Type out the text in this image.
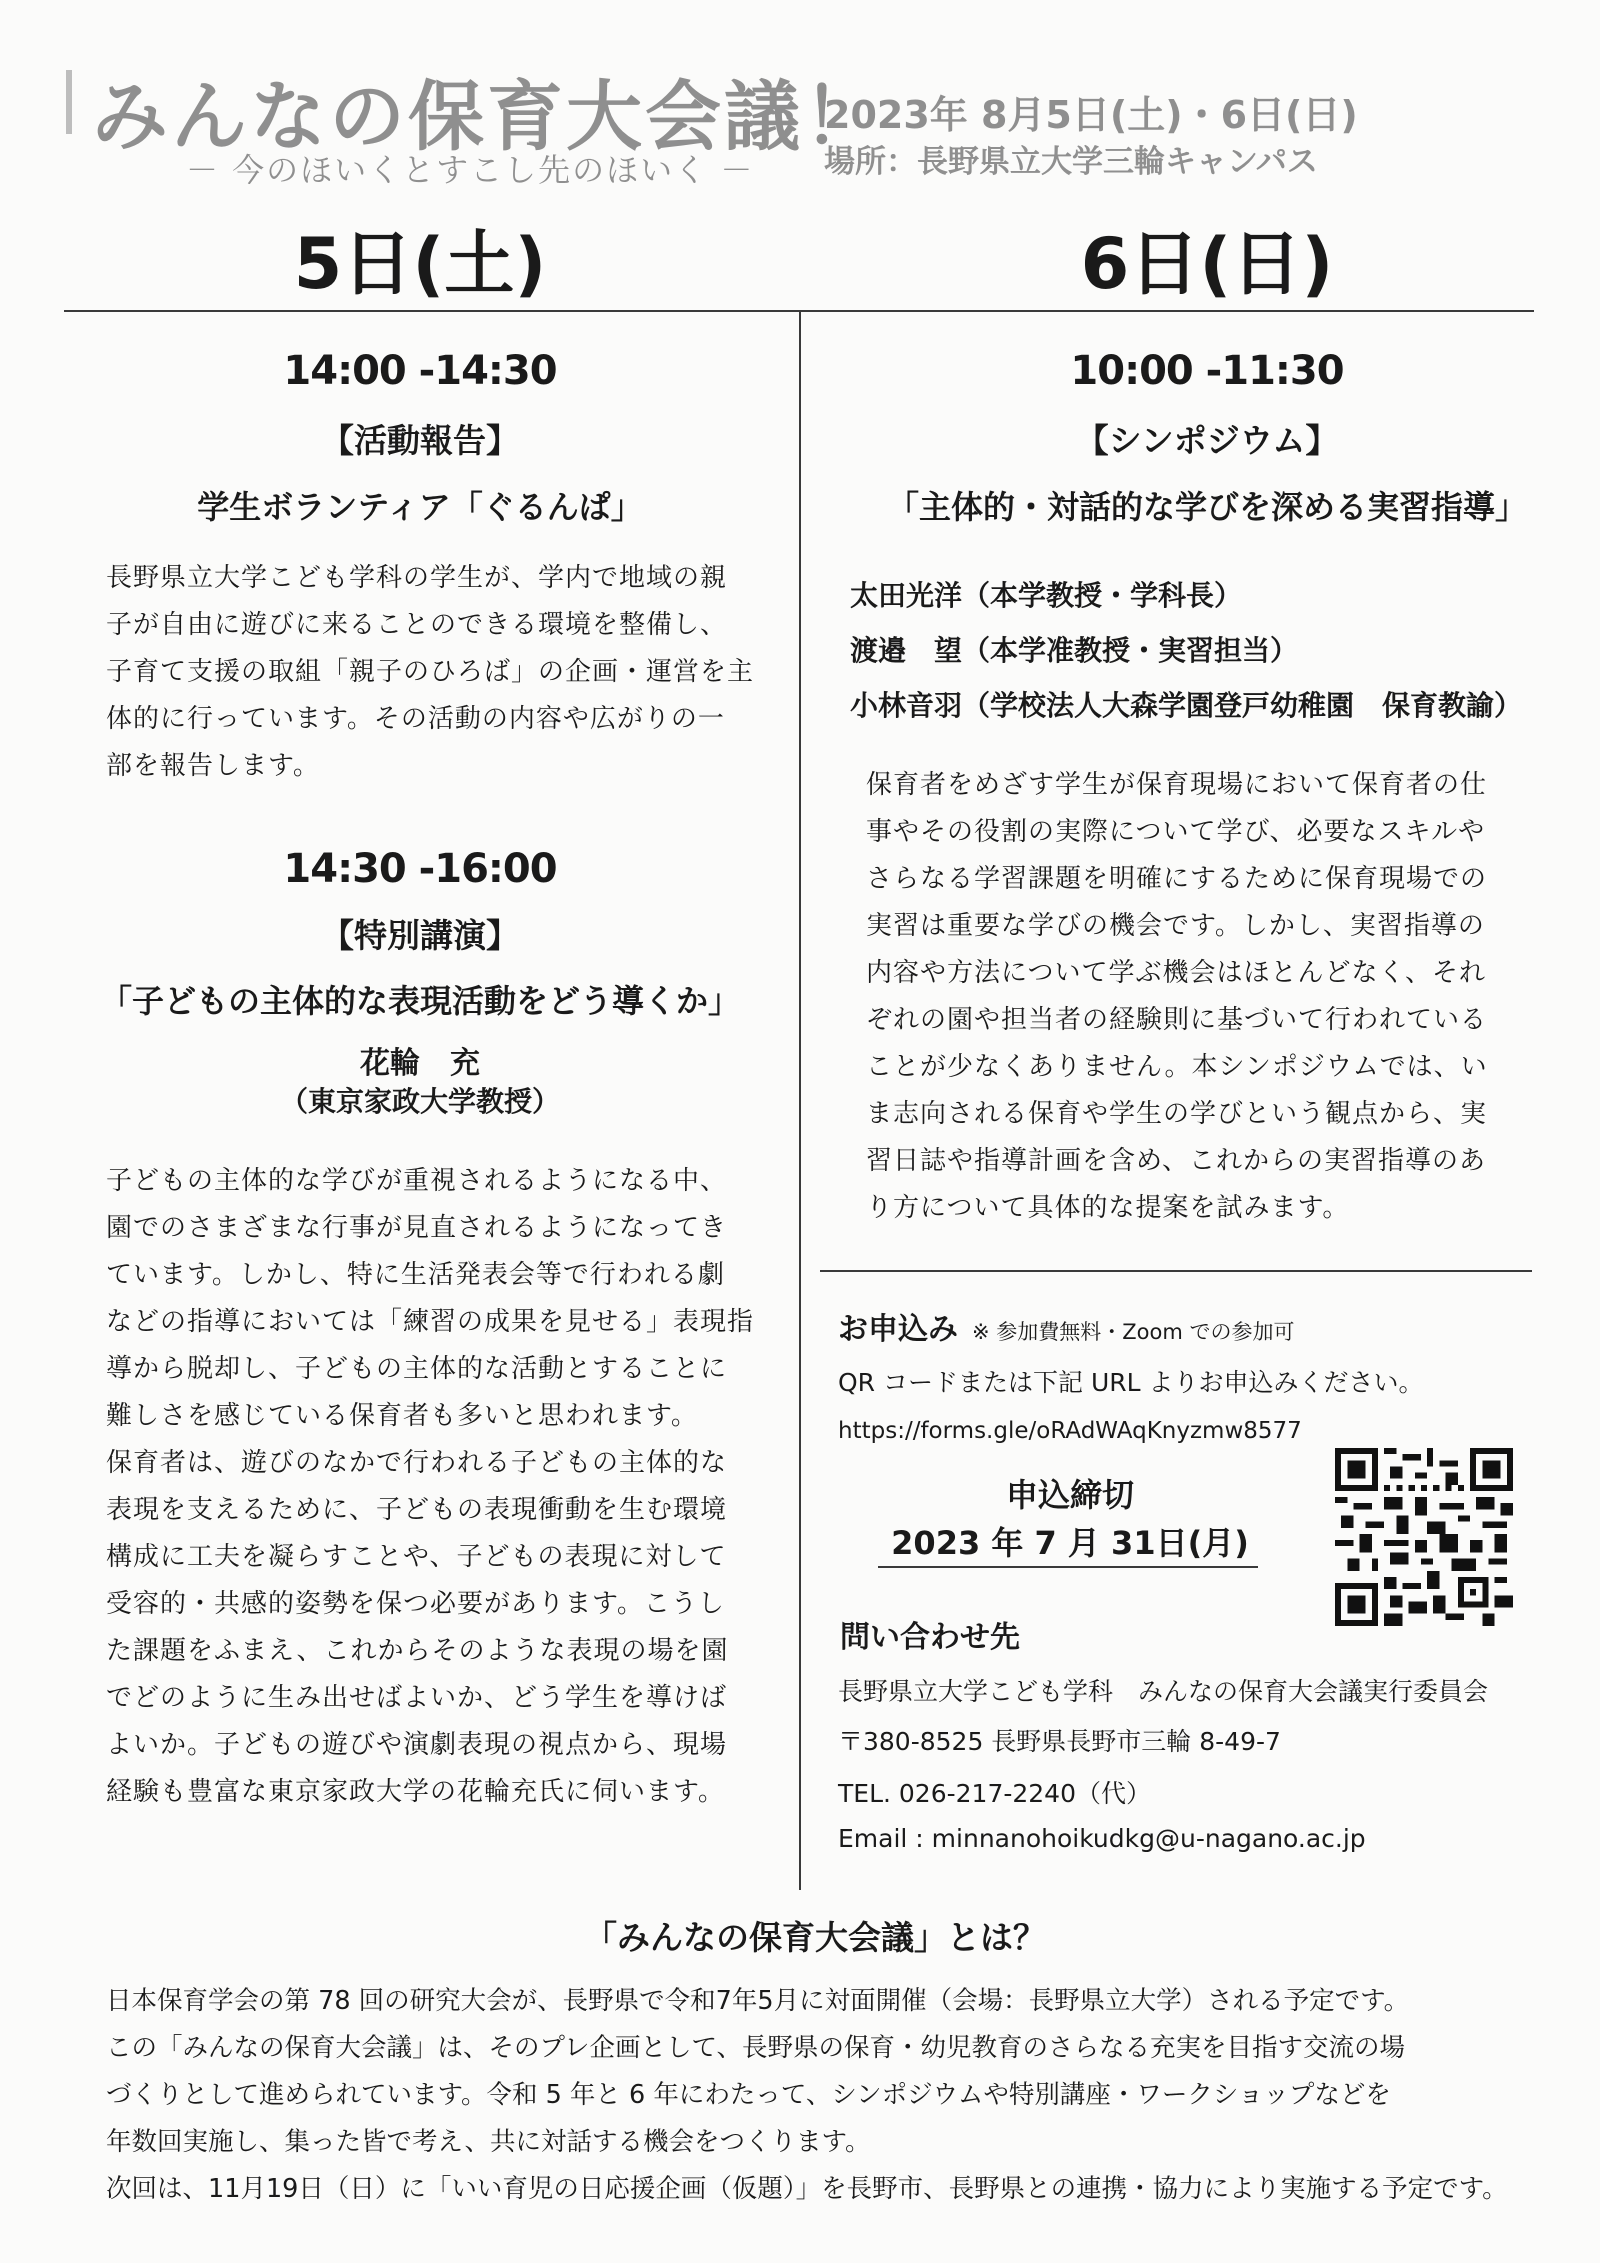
みんなの保育大会議！
－ 今のほいくとすこし先のほいく －
2023年 8月5日(土)・6日(日)
場所：長野県立大学三輪キャンパス
5日(土)	6日(日)
14:00 -14:30
【活動報告】
学生ボランティア「ぐるんぱ」

長野県立大学こども学科の学生が、学内で地域の親

子が自由に遊びに来ることのできる環境を整備し、

子育て支援の取組「親子のひろば」の企画・運営を主

体的に行っています。その活動の内容や広がりの一

部を報告します。

14:30 -16:00
【特別講演】
「子どもの主体的な表現活動をどう導くか」
花輪　充
（東京家政大学教授）

子どもの主体的な学びが重視されるようになる中、

園でのさまざまな行事が見直されるようになってき

ています。しかし、特に生活発表会等で行われる劇

などの指導においては「練習の成果を見せる」表現指

導から脱却し、子どもの主体的な活動とすることに

難しさを感じている保育者も多いと思われます。

保育者は、遊びのなかで行われる子どもの主体的な

表現を支えるために、子どもの表現衝動を生む環境

構成に工夫を凝らすことや、子どもの表現に対して

受容的・共感的姿勢を保つ必要があります。こうし

た課題をふまえ、これからそのような表現の場を園

でどのように生み出せばよいか、どう学生を導けば

よいか。子どもの遊びや演劇表現の視点から、現場

経験も豊富な東京家政大学の花輪充氏に伺います。

10:00 -11:30
【シンポジウム】
「主体的・対話的な学びを深める実習指導」

太田光洋（本学教授・学科長）

渡邉　望（本学准教授・実習担当）

小林音羽（学校法人大森学園登戸幼稚園　保育教諭）

保育者をめざす学生が保育現場において保育者の仕

事やその役割の実際について学び、必要なスキルや

さらなる学習課題を明確にするために保育現場での

実習は重要な学びの機会です。しかし、実習指導の

内容や方法について学ぶ機会はほとんどなく、それ

ぞれの園や担当者の経験則に基づいて行われている

ことが少なくありません。本シンポジウムでは、い

ま志向される保育や学生の学びという観点から、実

習日誌や指導計画を含め、これからの実習指導のあ

り方について具体的な提案を試みます。

お申込み ※ 参加費無料・Zoom での参加可
QR コードまたは下記 URL よりお申込みください。
https://forms.gle/oRAdWAqKnyzmw8577
申込締切
2023 年 7 月 31日(月)
問い合わせ先
長野県立大学こども学科　みんなの保育大会議実行委員会
〒380-8525 長野県長野市三輪 8-49-7
TEL. 026-217-2240（代）
Email : minnanohoikudkg@u-nagano.ac.jp
「みんなの保育大会議」とは？

日本保育学会の第 78 回の研究大会が、長野県で令和7年5月に対面開催（会場：長野県立大学）される予定です。

この「みんなの保育大会議」は、そのプレ企画として、長野県の保育・幼児教育のさらなる充実を目指す交流の場

づくりとして進められています。令和 5 年と 6 年にわたって、シンポジウムや特別講座・ワークショップなどを

年数回実施し、集った皆で考え、共に対話する機会をつくります。

次回は、11月19日（日）に「いい育児の日応援企画（仮題）」を長野市、長野県との連携・協力により実施する予定です。
